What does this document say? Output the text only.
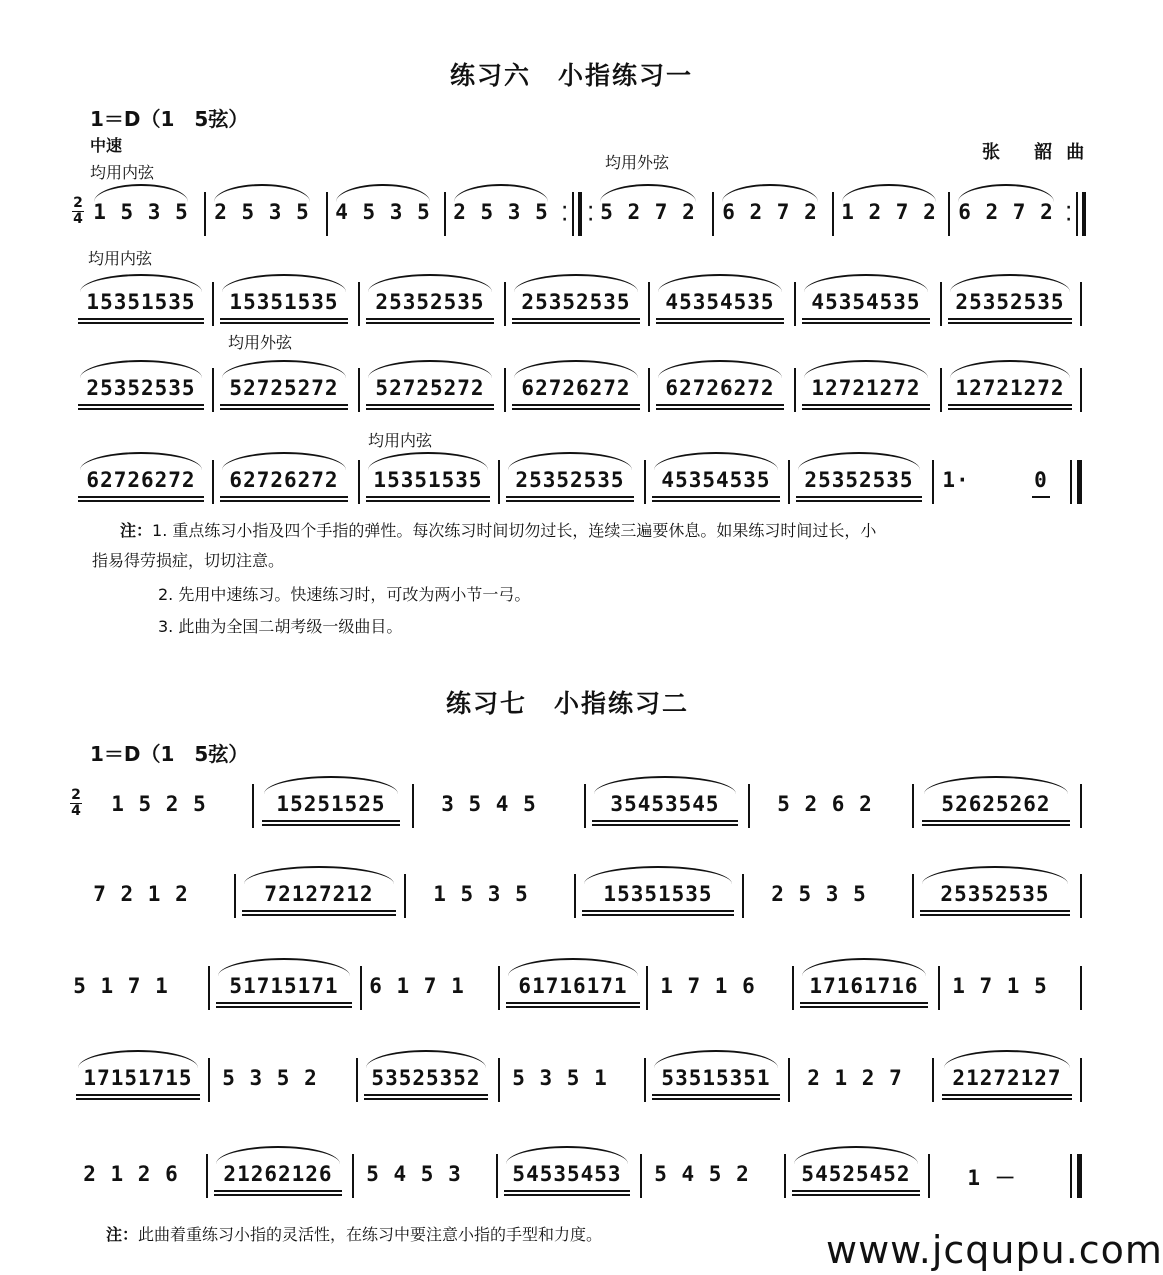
练习六　小指练习一
1＝D（1　5弦）
中速	张 韶曲
均用内弦
均用外弦
2
4 1 5 3 5	2 5 3 5	4 5 3 5	2 5 3 5 ·
·
·
· 5 2 7 2	6 2 7 2	1 2 7 2	6 2 7 2 ·
·
均用内弦
15351535	15351535	25352535	25352535	45354535	45354535	25352535
均用外弦
25352535	52725272	52725272	62726272	62726272	12721272	12721272
均用内弦
62726272	62726272	15351535	25352535	45354535	25352535	1·	0
注：1. 重点练习小指及四个手指的弹性。每次练习时间切勿过长，连续三遍要休息。如果练习时间过长，小
指易得劳损症，切切注意。
2. 先用中速练习。快速练习时，可改为两小节一弓。
3. 此曲为全国二胡考级一级曲目。
练习七　小指练习二
1＝D（1　5弦）
2
4	1 5 2 5	15251525	3 5 4 5	35453545	5 2 6 2	52625262
7 2 1 2	72127212	1 5 3 5	15351535	2 5 3 5	25352535
5 1 7 1	51715171	6 1 7 1	61716171	1 7 1 6	17161716	1 7 1 5
17151715	5 3 5 2	53525352	5 3 5 1	53515351	2 1 2 7	21272127
2 1 2 6	21262126	5 4 5 3	54535453	5 4 5 2	54525452	1 －
注：此曲着重练习小指的灵活性，在练习中要注意小指的手型和力度。	www.jcqupu.com
